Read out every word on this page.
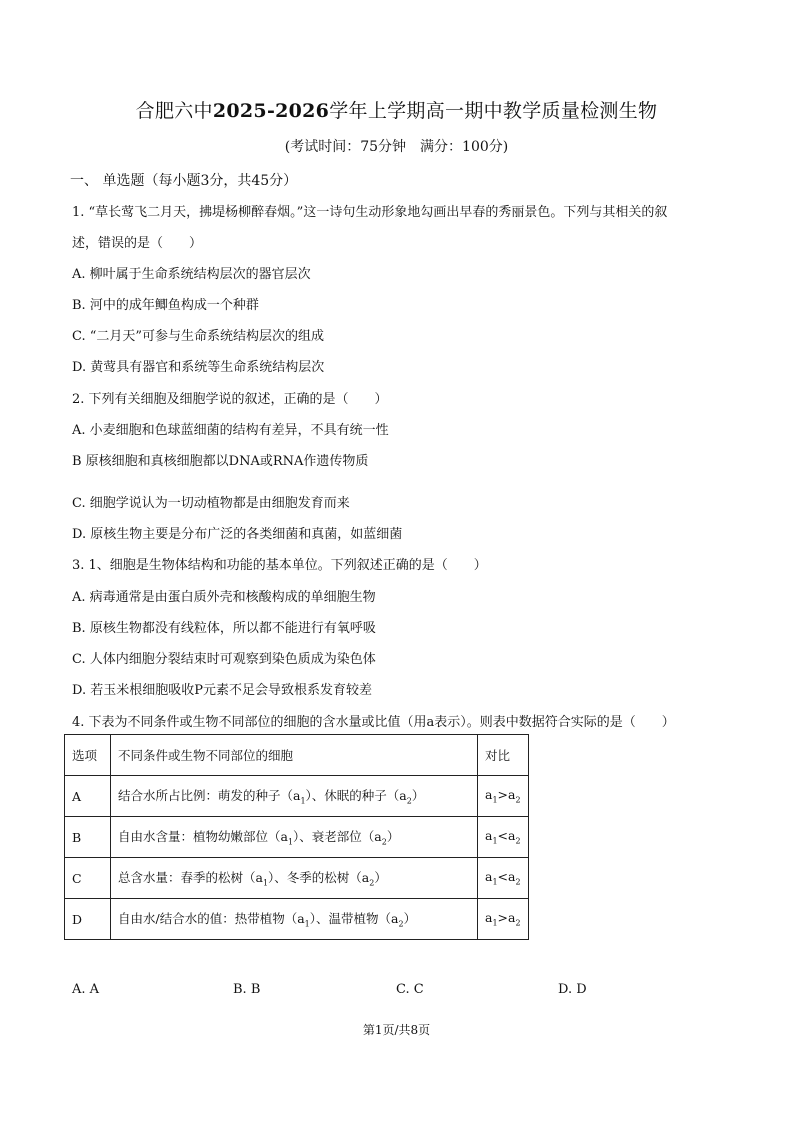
合肥六中2025-2026学年上学期高一期中教学质量检测生物
(考试时间：75分钟　满分：100分)
一、 单选题（每小题3分，共45分）
1. “草长莺飞二月天，拂堤杨柳醉春烟。”这一诗句生动形象地勾画出早春的秀丽景色。下列与其相关的叙
述，错误的是（　　）
A. 柳叶属于生命系统结构层次的器官层次
B. 河中的成年鲫鱼构成一个种群
C. “二月天”可参与生命系统结构层次的组成
D. 黄莺具有器官和系统等生命系统结构层次
2. 下列有关细胞及细胞学说的叙述，正确的是（　　）
A. 小麦细胞和色球蓝细菌的结构有差异，不具有统一性
B 原核细胞和真核细胞都以DNA或RNA作遗传物质
C. 细胞学说认为一切动植物都是由细胞发育而来
D. 原核生物主要是分布广泛的各类细菌和真菌，如蓝细菌
3. 1、细胞是生物体结构和功能的基本单位。下列叙述正确的是（　　）
A. 病毒通常是由蛋白质外壳和核酸构成的单细胞生物
B. 原核生物都没有线粒体，所以都不能进行有氧呼吸
C. 人体内细胞分裂结束时可观察到染色质成为染色体
D. 若玉米根细胞吸收P元素不足会导致根系发育较差
4. 下表为不同条件或生物不同部位的细胞的含水量或比值（用a表示）。则表中数据符合实际的是（　　）
选项	不同条件或生物不同部位的细胞	对比
A	结合水所占比例：萌发的种子$(a_1)$、休眠的种子$(a_2)$	$a_1>a_2$
B	自由水含量：植物幼嫩部位$(a_1)$、衰老部位$(a_2)$	$a_1<a_2$
C	总含水量：春季的松树$(a_1)$、冬季的松树$(a_2)$	$a_1<a_2$
D	自由水/结合水的值：热带植物$(a_1)$、温带植物$(a_2)$	$a_1>a_2$
A. A	B. B	C. C	D. D
第1页/共8页
